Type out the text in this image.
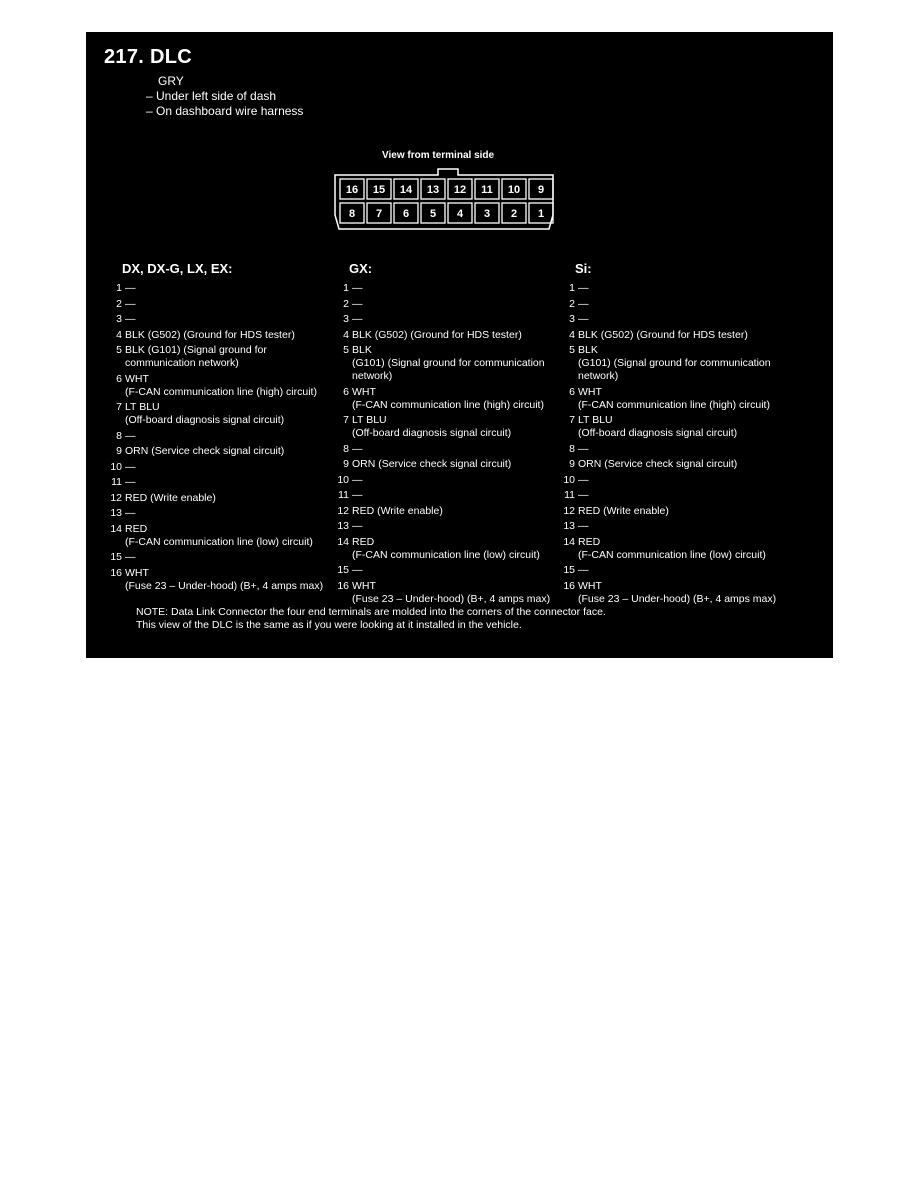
217. DLC
GRY
– Under left side of dash
– On dashboard wire harness
View from terminal side
16 15 14 13 12 11 10 9
8 7 6 5 4 3 2 1
DX, DX-G, LX, EX:
1 —
2 —
3 —
4 BLK (G502) (Ground for HDS tester)
5 BLK (G101) (Signal ground for
communication network)
6 WHT
(F-CAN communication line (high) circuit)
7 LT BLU
(Off-board diagnosis signal circuit)
8 —
9 ORN (Service check signal circuit)
10 —
11 —
12 RED (Write enable)
13 —
14 RED
(F-CAN communication line (low) circuit)
15 —
16 WHT
(Fuse 23 – Under-hood) (B+, 4 amps max)
GX:
1 —
2 —
3 —
4 BLK (G502) (Ground for HDS tester)
5 BLK
(G101) (Signal ground for communication
network)
6 WHT
(F-CAN communication line (high) circuit)
7 LT BLU
(Off-board diagnosis signal circuit)
8 —
9 ORN (Service check signal circuit)
10 —
11 —
12 RED (Write enable)
13 —
14 RED
(F-CAN communication line (low) circuit)
15 —
16 WHT
(Fuse 23 – Under-hood) (B+, 4 amps max)
Si:
1 —
2 —
3 —
4 BLK (G502) (Ground for HDS tester)
5 BLK
(G101) (Signal ground for communication
network)
6 WHT
(F-CAN communication line (high) circuit)
7 LT BLU
(Off-board diagnosis signal circuit)
8 —
9 ORN (Service check signal circuit)
10 —
11 —
12 RED (Write enable)
13 —
14 RED
(F-CAN communication line (low) circuit)
15 —
16 WHT
(Fuse 23 – Under-hood) (B+, 4 amps max)
NOTE: Data Link Connector the four end terminals are molded into the corners of the connector face.
This view of the DLC is the same as if you were looking at it installed in the vehicle.
